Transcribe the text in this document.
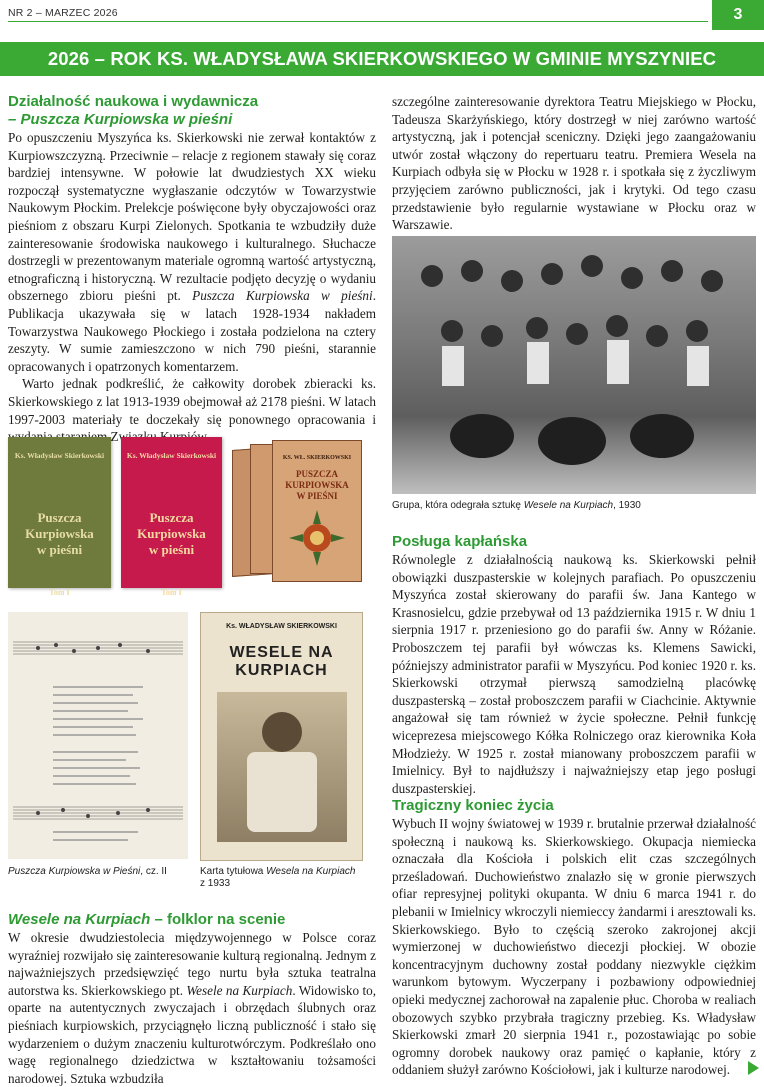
NR 2 – MARZEC 2026	3
2026 – ROK KS. WŁADYSŁAWA SKIERKOWSKIEGO W GMINIE MYSZYNIEC
Działalność naukowa i wydawnicza
– Puszcza Kurpiowska w pieśni

Po opuszczeniu Myszyńca ks. Skierkowski nie zerwał kontaktów z Kurpiowszczyzną. Przeciwnie – relacje z regionem stawały się coraz bardziej intensywne. W połowie lat dwudziestych XX wieku rozpoczął systematyczne wygłaszanie odczytów w Towarzystwie Naukowym Płockim. Prelekcje poświęcone były obyczajowości oraz pieśniom z obszaru Kurpi Zielonych. Spotkania te wzbudziły duże zainteresowanie środowiska naukowego i kulturalnego. Słuchacze dostrzegli w prezentowanym materiale ogromną wartość artystyczną, etnograficzną i historyczną. W rezultacie podjęto decyzję o wydaniu obszernego zbioru pieśni pt. Puszcza Kurpiowska w pieśni. Publikacja ukazywała się w latach 1928-1934 nakładem Towarzystwa Naukowego Płockiego i została podzielona na cztery zeszyty. W sumie zamieszczono w nich 790 pieśni, starannie opracowanych i opatrzonych komentarzem.

Warto jednak podkreślić, że całkowity dorobek zbieracki ks. Skierkowskiego z lat 1913-1939 obejmował aż 2178 pieśni. W latach 1997-2003 materiały te doczekały się ponownego opracowania i

Ks. Władysław Skierkowski
Puszcza Kurpiowska
w pieśni
Tom I
Ks. Władysław Skierkowski
Puszcza Kurpiowska
w pieśni
Tom I
KS. WŁ. SKIERKOWSKI
PUSZCZA KURPIOWSKA W PIEŚNI
Ks. WŁADYSŁAW SKIERKOWSKI
WESELE NA KURPIACH
Puszcza Kurpiowska w Pieśni, cz. II	Karta tytułowa Wesela na Kurpiach z 1933
Wesele na Kurpiach – folklor na scenie

W okresie dwudziestolecia międzywojennego w Polsce coraz wyraźniej rozwijało się zainteresowanie kulturą regionalną. Jednym z najważniejszych przedsięwzięć tego nurtu była sztuka teatralna autorstwa ks. Skierkowskiego pt. Wesele na Kurpiach. Widowisko to, oparte na autentycznych zwyczajach i obrzędach ślubnych oraz pieśniach kurpiowskich, przyciągnęło liczną publiczność i stało się wydarzeniem o dużym znaczeniu kulturotwórczym. Podkreślało ono wagę regionalnego dziedzictwa w kształtowaniu tożsamości narodowej. Sztuka wzbudziła

szczególne zainteresowanie dyrektora Teatru Miejskiego w Płocku, Tadeusza Skarżyńskiego, który dostrzegł w niej zarówno wartość artystyczną, jak i potencjał sceniczny. Dzięki jego zaangażowaniu utwór został włączony do repertuaru teatru. Premiera Wesela na Kurpiach odbyła się w Płocku w 1928 r. i spotkała się z życzliwym przyjęciem zarówno publiczności, jak i krytyki. Od tego czasu przedstawienie było regularnie wystawiane w Płocku oraz w Warszawie.

Grupa, która odegrała sztukę Wesele na Kurpiach, 1930
Posługa kapłańska

Równolegle z działalnością naukową ks. Skierkowski pełnił obowiązki duszpasterskie w kolejnych parafiach. Po opuszczeniu Myszyńca został skierowany do parafii św. Jana Kantego w Krasnosielcu, gdzie przebywał od 13 października 1915 r. W dniu 1 sierpnia 1917 r. przeniesiono go do parafii św. Anny w Różanie. Proboszczem tej parafii był wówczas ks. Klemens Sawicki, późniejszy administrator parafii w Myszyńcu. Pod koniec 1920 r. ks. Skierkowski otrzymał pierwszą samodzielną placówkę duszpasterską – został proboszczem parafii w Ciachcinie. Aktywnie angażował się tam również w życie społeczne. Pełnił funkcję wiceprezesa miejscowego Kółka Rolniczego oraz kierownika Koła Młodzieży. W 1925 r. został mianowany proboszczem parafii w Imielnicy. Był to najdłuższy i najważniejszy etap jego posługi duszpasterskiej.

Tragiczny koniec życia

Wybuch II wojny światowej w 1939 r. brutalnie przerwał działalność społeczną i naukową ks. Skierkowskiego. Okupacja niemiecka oznaczała dla Kościoła i polskich elit czas szczególnych prześladowań. Duchowieństwo znalazło się w gronie pierwszych ofiar represyjnej polityki okupanta. W dniu 6 marca 1941 r. do plebanii w Imielnicy wkroczyli niemieccy żandarmi i aresztowali ks. Skierkowskiego. Było to częścią szeroko zakrojonej akcji wymierzonej w duchowieństwo diecezji płockiej. W obozie koncentracyjnym duchowny został poddany niezwykle ciężkim warunkom bytowym. Wyczerpany i pozbawiony odpowiedniej opieki medycznej zachorował na zapalenie płuc. Choroba w realiach obozowych szybko przybrała tragiczny przebieg. Ks. Władysław Skierkowski zmarł 20 sierpnia 1941 r., pozostawiając po sobie ogromny dorobek naukowy oraz pamięć o kapłanie, który z oddaniem służył zarówno Kościołowi, jak i kulturze narodowej.
